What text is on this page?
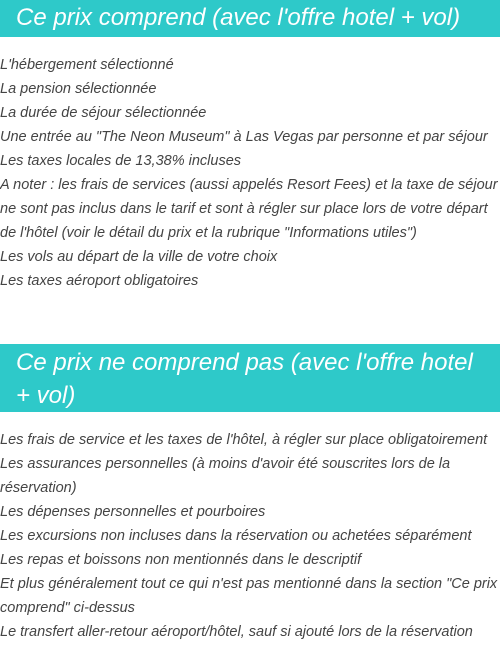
Ce prix comprend (avec l'offre hotel + vol)
L'hébergement sélectionné
La pension sélectionnée
La durée de séjour sélectionnée
Une entrée au "The Neon Museum" à Las Vegas par personne et par séjour
Les taxes locales de 13,38% incluses
A noter : les frais de services (aussi appelés Resort Fees) et la taxe de séjour ne sont pas inclus dans le tarif et sont à régler sur place lors de votre départ de l'hôtel (voir le détail du prix et la rubrique "Informations utiles")
Les vols au départ de la ville de votre choix
Les taxes aéroport obligatoires
Ce prix ne comprend pas (avec l'offre hotel + vol)
Les frais de service et les taxes de l'hôtel, à régler sur place obligatoirement
Les assurances personnelles (à moins d'avoir été souscrites lors de la réservation)
Les dépenses personnelles et pourboires
Les excursions non incluses dans la réservation ou achetées séparément
Les repas et boissons non mentionnés dans le descriptif
Et plus généralement tout ce qui n'est pas mentionné dans la section "Ce prix comprend" ci-dessus
Le transfert aller-retour aéroport/hôtel, sauf si ajouté lors de la réservation
